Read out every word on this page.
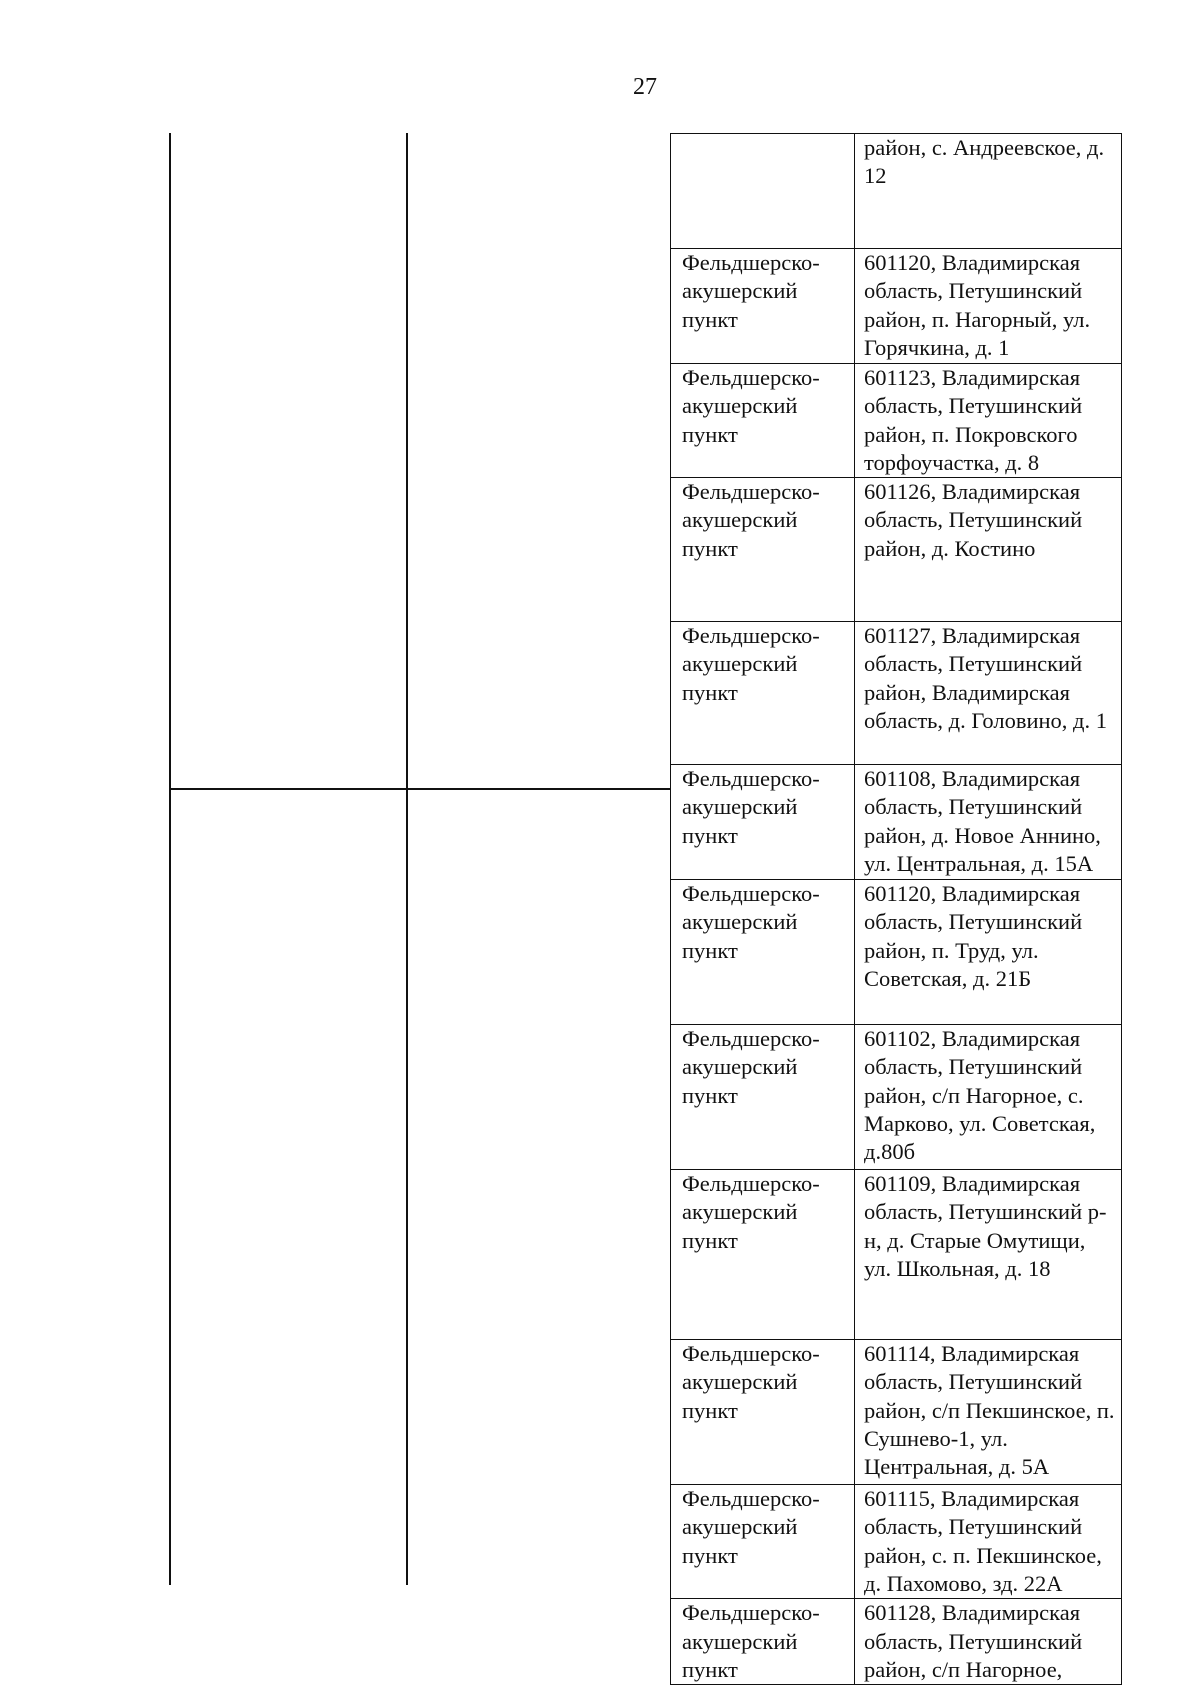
27
	район, с. Андреевское, д. 12
Фельдшерско-акушерский пункт	601120, Владимирская область, Петушинский район, п. Нагорный, ул. Горячкина, д. 1
Фельдшерско-акушерский пункт	601123, Владимирская область, Петушинский район, п. Покровского торфоучастка, д. 8
Фельдшерско-акушерский пункт	601126, Владимирская область, Петушинский район, д. Костино
Фельдшерско-акушерский пункт	601127, Владимирская область, Петушинский район, Владимирская область, д. Головино, д. 1
Фельдшерско-акушерский пункт	601108, Владимирская область, Петушинский район, д. Новое Аннино, ул. Центральная, д. 15А
Фельдшерско-акушерский пункт	601120, Владимирская область, Петушинский район, п. Труд, ул. Советская, д. 21Б
Фельдшерско-акушерский пункт	601102, Владимирская область, Петушинский район, с/п Нагорное, с. Марково, ул. Советская, д.80б
Фельдшерско-акушерский пункт	601109, Владимирская область, Петушинский р-н, д. Старые Омутищи, ул. Школьная, д. 18
Фельдшерско-акушерский пункт	601114, Владимирская область, Петушинский район, с/п Пекшинское, п. Сушнево-1, ул. Центральная, д. 5А
Фельдшерско-акушерский пункт	601115, Владимирская область, Петушинский район, с. п. Пекшинское, д. Пахомово, зд. 22А
Фельдшерско-акушерский пункт	601128, Владимирская область, Петушинский район, с/п Нагорное,
